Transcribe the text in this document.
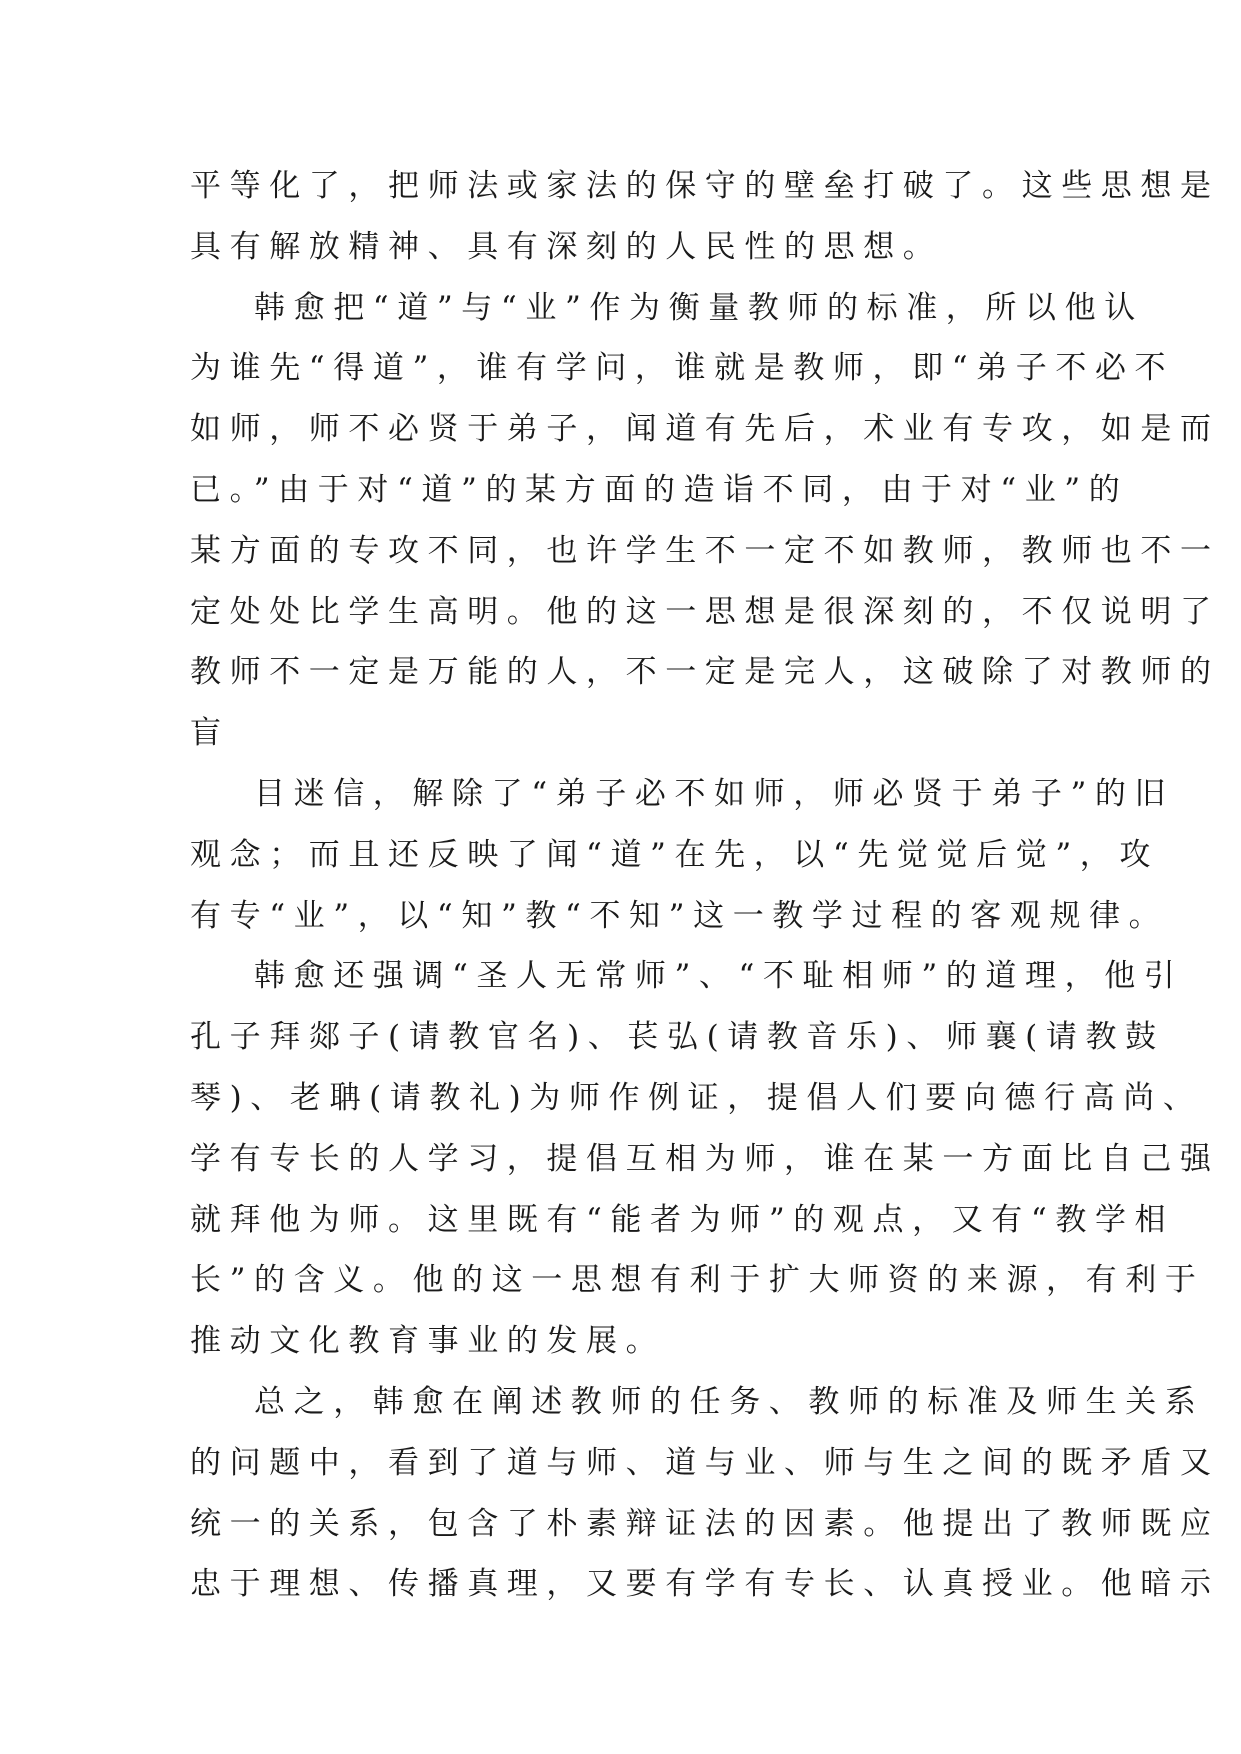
平等化了，把师法或家法的保守的壁垒打破了。这些思想是
具有解放精神、具有深刻的人民性的思想。
韩愈把“道”与“业”作为衡量教师的标准，所以他认
为谁先“得道”，谁有学问，谁就是教师，即“弟子不必不
如师，师不必贤于弟子，闻道有先后，术业有专攻，如是而
已。”由于对“道”的某方面的造诣不同，由于对“业”的
某方面的专攻不同，也许学生不一定不如教师，教师也不一
定处处比学生高明。他的这一思想是很深刻的，不仅说明了
教师不一定是万能的人，不一定是完人，这破除了对教师的
盲
目迷信，解除了“弟子必不如师，师必贤于弟子”的旧
观念；而且还反映了闻“道”在先，以“先觉觉后觉”，攻
有专“业”，以“知”教“不知”这一教学过程的客观规律。
韩愈还强调“圣人无常师”、“不耻相师”的道理，他引
孔子拜郯子(请教官名)、苌弘(请教音乐)、师襄(请教鼓
琴)、老聃(请教礼)为师作例证，提倡人们要向德行高尚、
学有专长的人学习，提倡互相为师，谁在某一方面比自己强
就拜他为师。这里既有“能者为师”的观点，又有“教学相
长”的含义。他的这一思想有利于扩大师资的来源，有利于
推动文化教育事业的发展。
总之，韩愈在阐述教师的任务、教师的标准及师生关系
的问题中，看到了道与师、道与业、师与生之间的既矛盾又
统一的关系，包含了朴素辩证法的因素。他提出了教师既应
忠于理想、传播真理，又要有学有专长、认真授业。他暗示
